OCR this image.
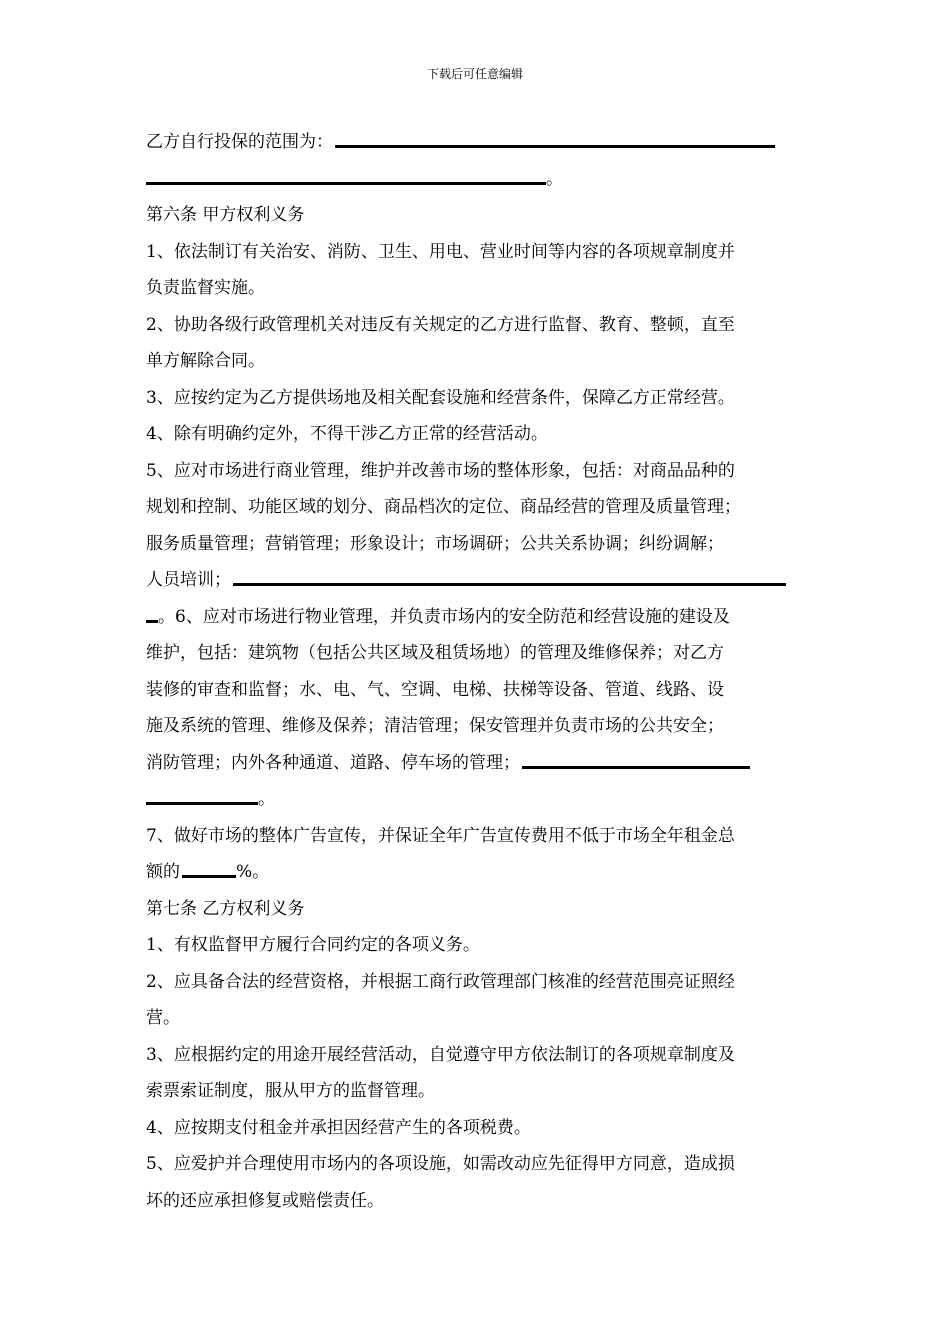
下载后可任意编辑
乙方自行投保的范围为：
。
第六条 甲方权利义务
1、依法制订有关治安、消防、卫生、用电、营业时间等内容的各项规章制度并
负责监督实施。
2、协助各级行政管理机关对违反有关规定的乙方进行监督、教育、整顿，直至
单方解除合同。
3、应按约定为乙方提供场地及相关配套设施和经营条件，保障乙方正常经营。
4、除有明确约定外，不得干涉乙方正常的经营活动。
5、应对市场进行商业管理，维护并改善市场的整体形象，包括：对商品品种的
规划和控制、功能区域的划分、商品档次的定位、商品经营的管理及质量管理；
服务质量管理；营销管理；形象设计；市场调研；公共关系协调；纠纷调解；
人员培训；
。6、应对市场进行物业管理，并负责市场内的安全防范和经营设施的建设及
维护，包括：建筑物（包括公共区域及租赁场地）的管理及维修保养；对乙方
装修的审查和监督；水、电、气、空调、电梯、扶梯等设备、管道、线路、设
施及系统的管理、维修及保养；清洁管理；保安管理并负责市场的公共安全；
消防管理；内外各种通道、道路、停车场的管理；
。
7、做好市场的整体广告宣传，并保证全年广告宣传费用不低于市场全年租金总
额的	%。
第七条 乙方权利义务
1、有权监督甲方履行合同约定的各项义务。
2、应具备合法的经营资格，并根据工商行政管理部门核准的经营范围亮证照经
营。
3、应根据约定的用途开展经营活动，自觉遵守甲方依法制订的各项规章制度及
索票索证制度，服从甲方的监督管理。
4、应按期支付租金并承担因经营产生的各项税费。
5、应爱护并合理使用市场内的各项设施，如需改动应先征得甲方同意，造成损
坏的还应承担修复或赔偿责任。
